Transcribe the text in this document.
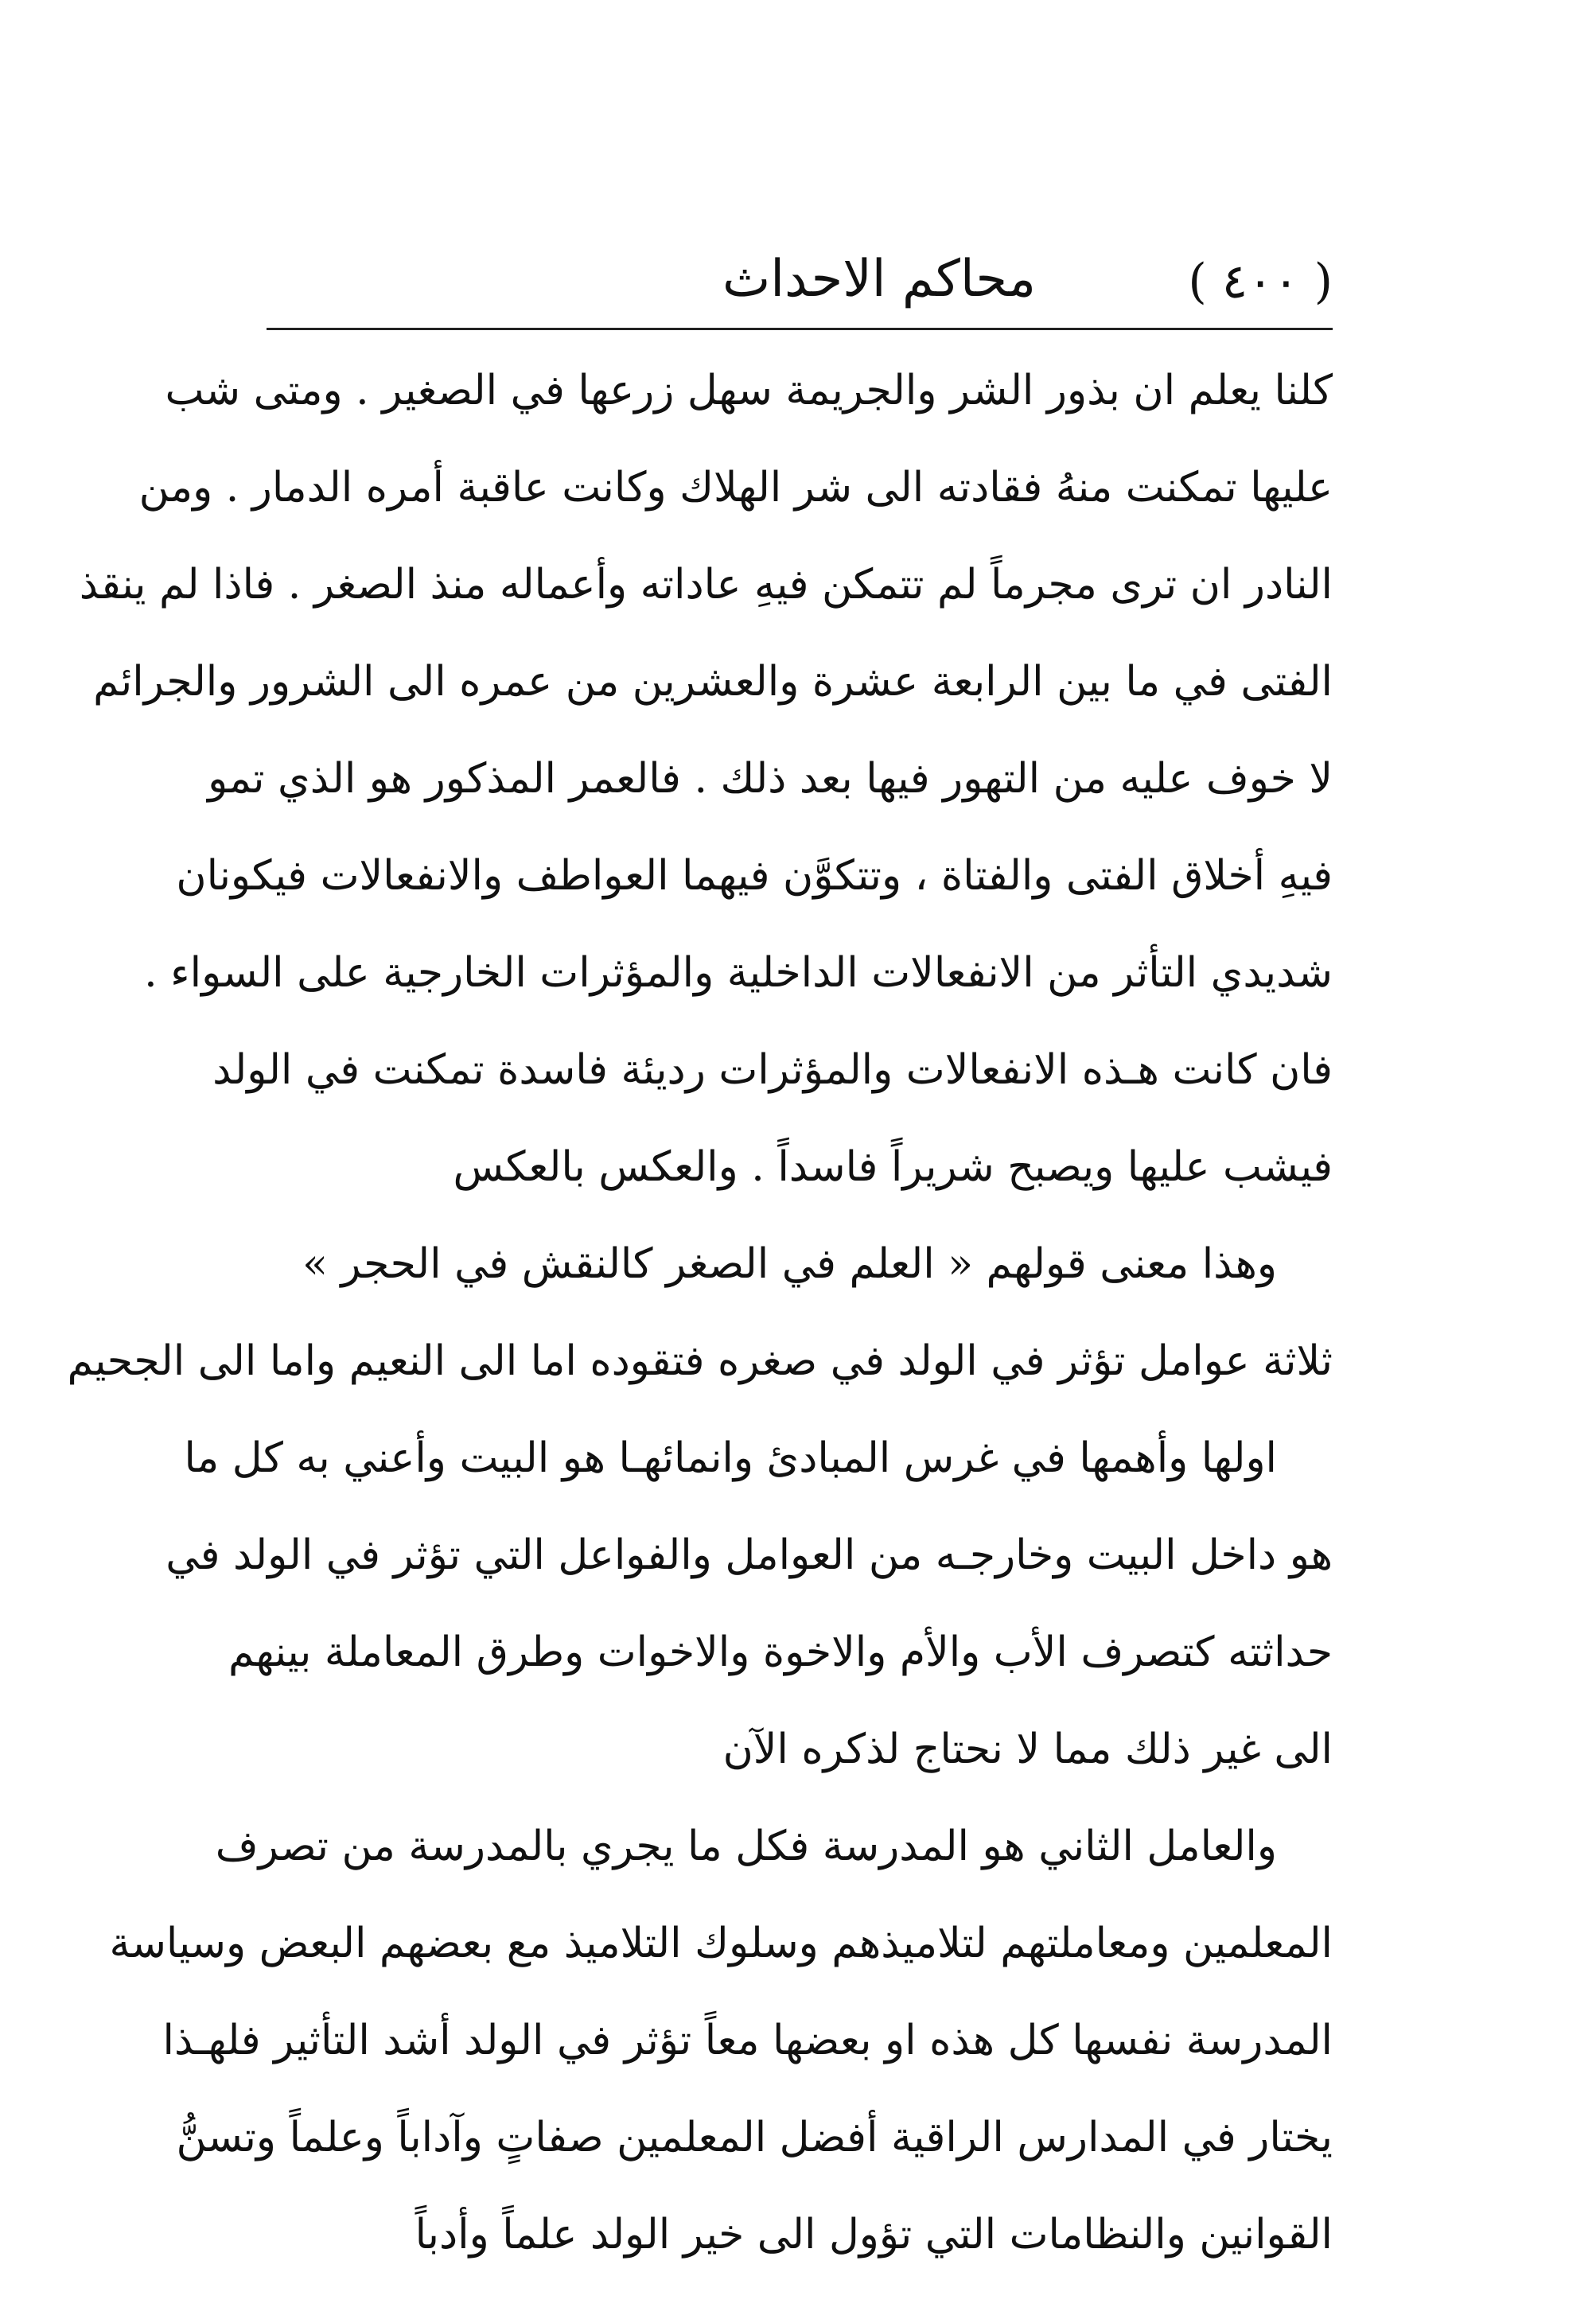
( ٤٠٠ )
محاكم الاحداث

كلنا يعلم ان بذور الشر والجريمة سهل زرعها في الصغير . ومتى شب
عليها تمكنت منهُ فقادته الى شر الهلاك وكانت عاقبة أمره الدمار . ومن
النادر ان ترى مجرماً لم تتمكن فيهِ عاداته وأعماله منذ الصغر . فاذا لم ينقذ
الفتى في ما بين الرابعة عشرة والعشرين من عمره الى الشرور والجرائم
لا خوف عليه من التهور فيها بعد ذلك . فالعمر المذكور هو الذي تمو
فيهِ أخلاق الفتى والفتاة ، وتتكوَّن فيهما العواطف والانفعالات فيكونان
شديدي التأثر من الانفعالات الداخلية والمؤثرات الخارجية على السواء .
فان كانت هـذه الانفعالات والمؤثرات رديئة فاسدة تمكنت في الولد
فيشب عليها ويصبح شريراً فاسداً . والعكس بالعكس

وهذا معنى قولهم « العلم في الصغر كالنقش في الحجر »

ثلاثة عوامل تؤثر في الولد في صغره فتقوده اما الى النعيم واما الى الجحيم

اولها وأهمها في غرس المبادئ وانمائهـا هو البيت وأعني به كل ما
هو داخل البيت وخارجـه من العوامل والفواعل التي تؤثر في الولد في
حداثته كتصرف الأب والأم والاخوة والاخوات وطرق المعاملة بينهم
الى غير ذلك مما لا نحتاج لذكره الآن

والعامل الثاني هو المدرسة فكل ما يجري بالمدرسة من تصرف
المعلمين ومعاملتهم لتلاميذهم وسلوك التلاميذ مع بعضهم البعض وسياسة
المدرسة نفسها كل هذه او بعضها معاً تؤثر في الولد أشد التأثير فلهـذا
يختار في المدارس الراقية أفضل المعلمين صفاتٍ وآداباً وعلماً وتسنُّ
القوانين والنظامات التي تؤول الى خير الولد علماً وأدباً
